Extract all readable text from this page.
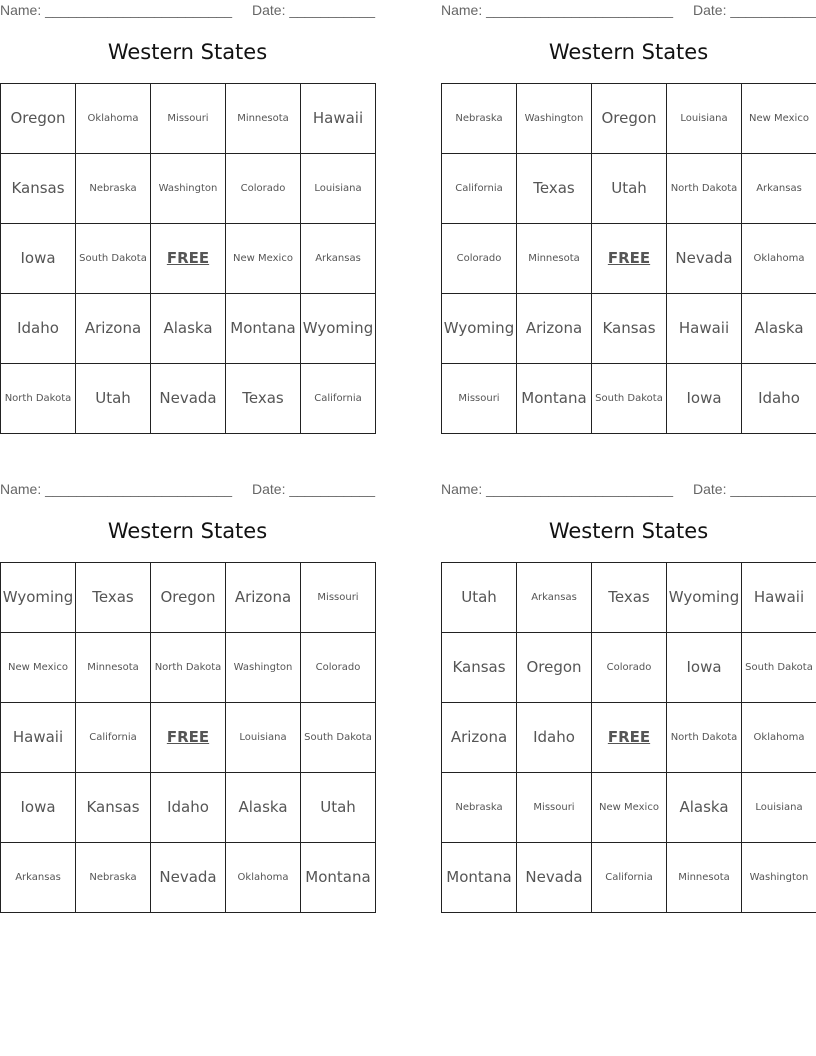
Name: ________________________ Date: ___________
Western States
Oregon	Oklahoma	Missouri	Minnesota	Hawaii
Kansas	Nebraska	Washington	Colorado	Louisiana
Iowa	South Dakota	FREE	New Mexico	Arkansas
Idaho	Arizona	Alaska	Montana	Wyoming
North Dakota	Utah	Nevada	Texas	California
Name: ________________________ Date: ___________
Western States
Nebraska	Washington	Oregon	Louisiana	New Mexico
California	Texas	Utah	North Dakota	Arkansas
Colorado	Minnesota	FREE	Nevada	Oklahoma
Wyoming	Arizona	Kansas	Hawaii	Alaska
Missouri	Montana	South Dakota	Iowa	Idaho
Name: ________________________ Date: ___________
Western States
Wyoming	Texas	Oregon	Arizona	Missouri
New Mexico	Minnesota	North Dakota	Washington	Colorado
Hawaii	California	FREE	Louisiana	South Dakota
Iowa	Kansas	Idaho	Alaska	Utah
Arkansas	Nebraska	Nevada	Oklahoma	Montana
Name: ________________________ Date: ___________
Western States
Utah	Arkansas	Texas	Wyoming	Hawaii
Kansas	Oregon	Colorado	Iowa	South Dakota
Arizona	Idaho	FREE	North Dakota	Oklahoma
Nebraska	Missouri	New Mexico	Alaska	Louisiana
Montana	Nevada	California	Minnesota	Washington
